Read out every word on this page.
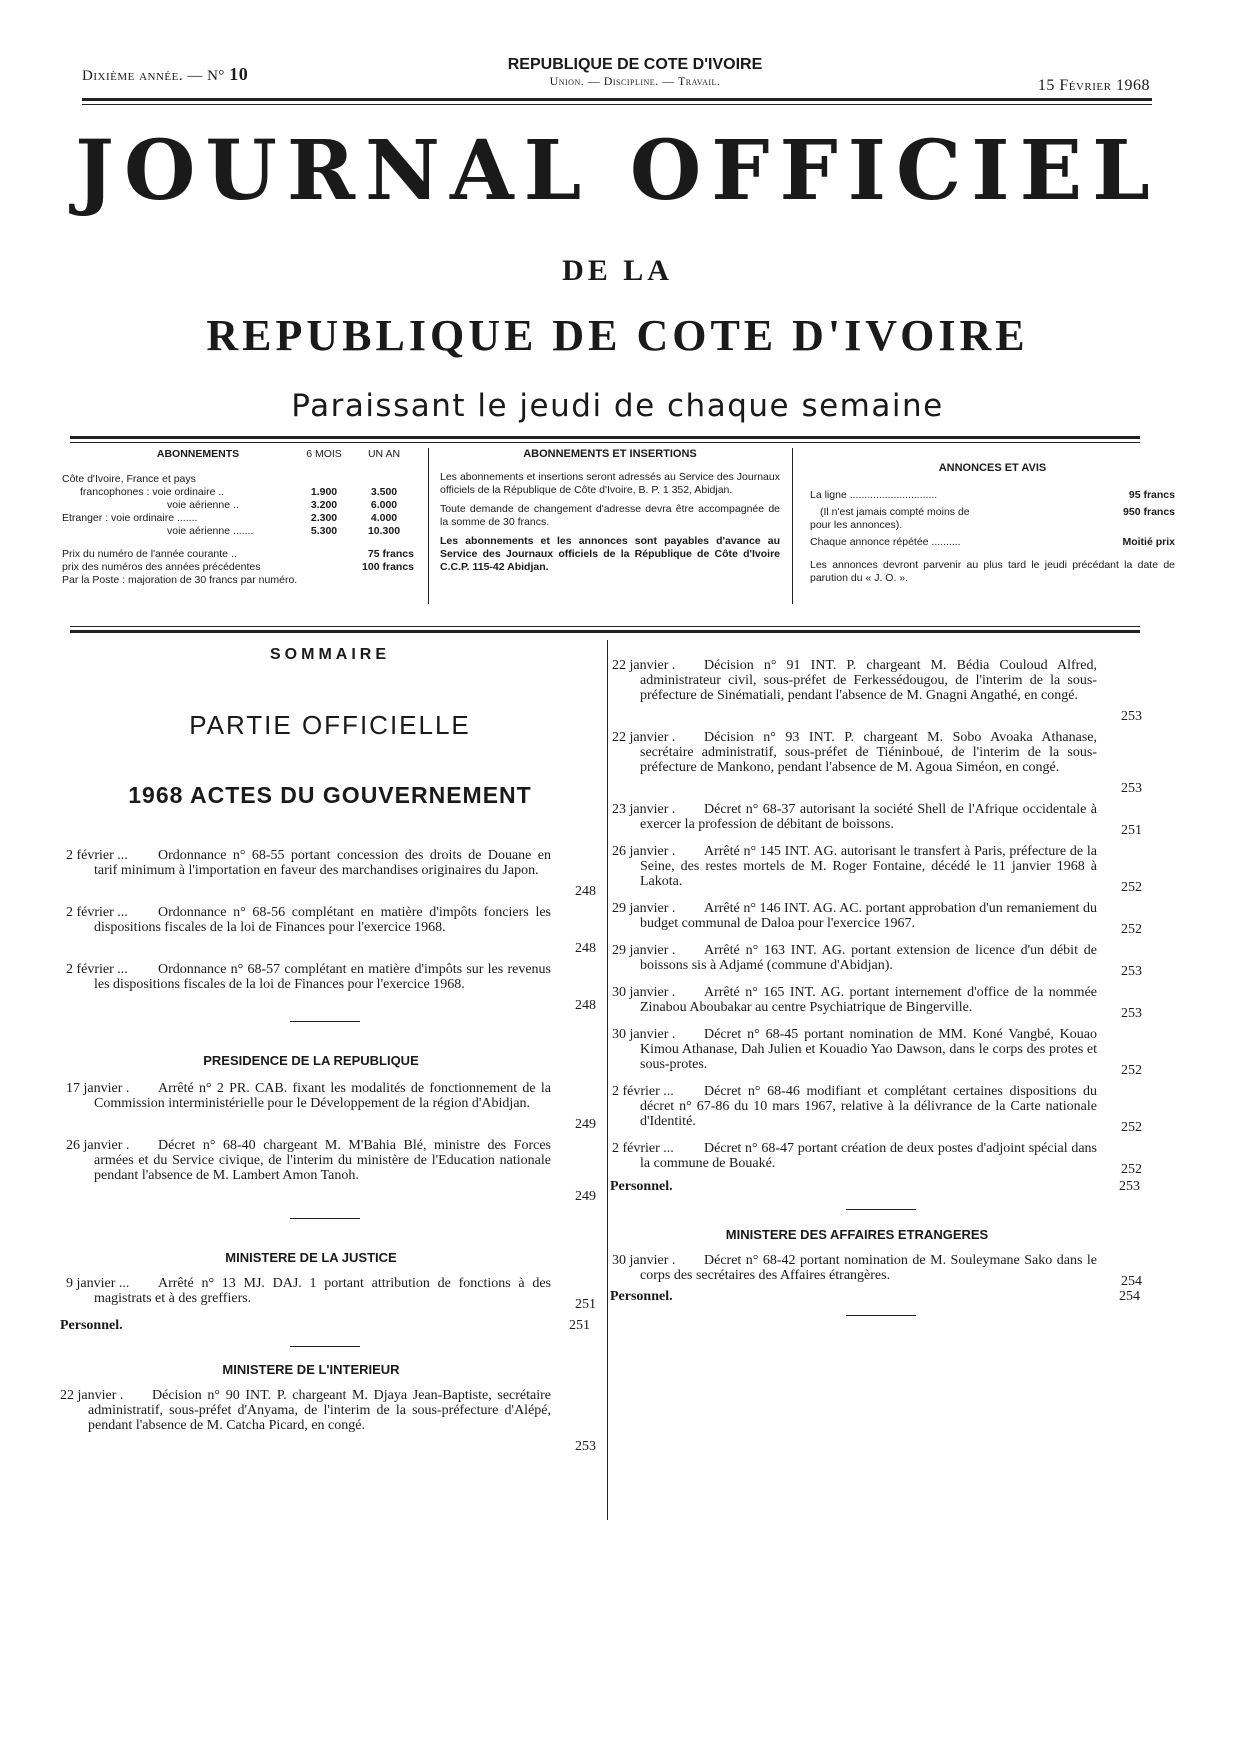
Dixième année. — N° 10	REPUBLIQUE DE COTE D'IVOIRE
Union. — Discipline. — Travail.	15 Février 1968
JOURNAL OFFICIEL
DE LA
REPUBLIQUE DE COTE D'IVOIRE
Paraissant le jeudi de chaque semaine
ABONNEMENTS	6 MOIS	UN AN
Côte d'Ivoire, France et pays
francophones : voie ordinaire ..	1.900	3.500
voie aérienne ..	3.200	6.000
Etranger : voie ordinaire .......	2.300	4.000
voie aérienne .......	5.300	10.300
Prix du numéro de l'année courante ..	75 francs
prix des numéros des années précédentes	100 francs
Par la Poste : majoration de 30 francs par numéro.
ABONNEMENTS ET INSERTIONS
Les abonnements et insertions seront adressés au Service des Journaux officiels de la République de Côte d'Ivoire, B. P. 1 352, Abidjan.
Toute demande de changement d'adresse devra être accompagnée de la somme de 30 francs.
Les abonnements et les annonces sont payables d'avance au Service des Journaux officiels de la République de Côte d'Ivoire C.C.P. 115-42 Abidjan.
ANNONCES ET AVIS
La ligne ..............................	95 francs
(Il n'est jamais compté moins de	950 francs
pour les annonces).
Chaque annonce répétée ..........	Moitié prix
Les annonces devront parvenir au plus tard le jeudi précédant la date de parution du « J. O. ».
SOMMAIRE
PARTIE OFFICIELLE
1968 ACTES DU GOUVERNEMENT
2 février ...	Ordonnance n° 68-55 portant concession des droits de Douane en tarif minimum à l'importation en faveur des marchandises originaires du Japon.
248
2 février ...	Ordonnance n° 68-56 complétant en matière d'impôts fonciers les dispositions fiscales de la loi de Finances pour l'exercice 1968.
248
2 février ...	Ordonnance n° 68-57 complétant en matière d'impôts sur les revenus les dispositions fiscales de la loi de Finances pour l'exercice 1968.
248
PRESIDENCE DE LA REPUBLIQUE
17 janvier .	Arrêté n° 2 PR. CAB. fixant les modalités de fonctionnement de la Commission interministérielle pour le Développement de la région d'Abidjan.
249
26 janvier .	Décret n° 68-40 chargeant M. M'Bahia Blé, ministre des Forces armées et du Service civique, de l'interim du ministère de l'Education nationale pendant l'absence de M. Lambert Amon Tanoh.
249
MINISTERE DE LA JUSTICE
9 janvier ...	Arrêté n° 13 MJ. DAJ. 1 portant attribution de fonctions à des magistrats et à des greffiers.	251
Personnel.	251
MINISTERE DE L'INTERIEUR
22 janvier .	Décision n° 90 INT. P. chargeant M. Djaya Jean-Baptiste, secrétaire administratif, sous-préfet d'Anyama, de l'interim de la sous-préfecture d'Alépé, pendant l'absence de M. Catcha Picard, en congé.
253
22 janvier .	Décision n° 91 INT. P. chargeant M. Bédia Couloud Alfred, administrateur civil, sous-préfet de Ferkessédougou, de l'interim de la sous-préfecture de Sinématiali, pendant l'absence de M. Gnagni Angathé, en congé.
253
22 janvier .	Décision n° 93 INT. P. chargeant M. Sobo Avoaka Athanase, secrétaire administratif, sous-préfet de Tiéninboué, de l'interim de la sous-préfecture de Mankono, pendant l'absence de M. Agoua Siméon, en congé.
253
23 janvier .	Décret n° 68-37 autorisant la société Shell de l'Afrique occidentale à exercer la profession de débitant de boissons.	251
26 janvier .	Arrêté n° 145 INT. AG. autorisant le transfert à Paris, préfecture de la Seine, des restes mortels de M. Roger Fontaine, décédé le 11 janvier 1968 à Lakota.	252
29 janvier .	Arrêté n° 146 INT. AG. AC. portant approbation d'un remaniement du budget communal de Daloa pour l'exercice 1967.	252
29 janvier .	Arrêté n° 163 INT. AG. portant extension de licence d'un débit de boissons sis à Adjamé (commune d'Abidjan).	253
30 janvier .	Arrêté n° 165 INT. AG. portant internement d'office de la nommée Zinabou Aboubakar au centre Psychiatrique de Bingerville.	253
30 janvier .	Décret n° 68-45 portant nomination de MM. Koné Vangbé, Kouao Kimou Athanase, Dah Julien et Kouadio Yao Dawson, dans le corps des protes et sous-protes.	252
2 février ...	Décret n° 68-46 modifiant et complétant certaines dispositions du décret n° 67-86 du 10 mars 1967, relative à la délivrance de la Carte nationale d'Identité.	252
2 février ...	Décret n° 68-47 portant création de deux postes d'adjoint spécial dans la commune de Bouaké.	252
Personnel.	253
MINISTERE DES AFFAIRES ETRANGERES
30 janvier .	Décret n° 68-42 portant nomination de M. Souleymane Sako dans le corps des secrétaires des Affaires étrangères.	254
Personnel.	254
